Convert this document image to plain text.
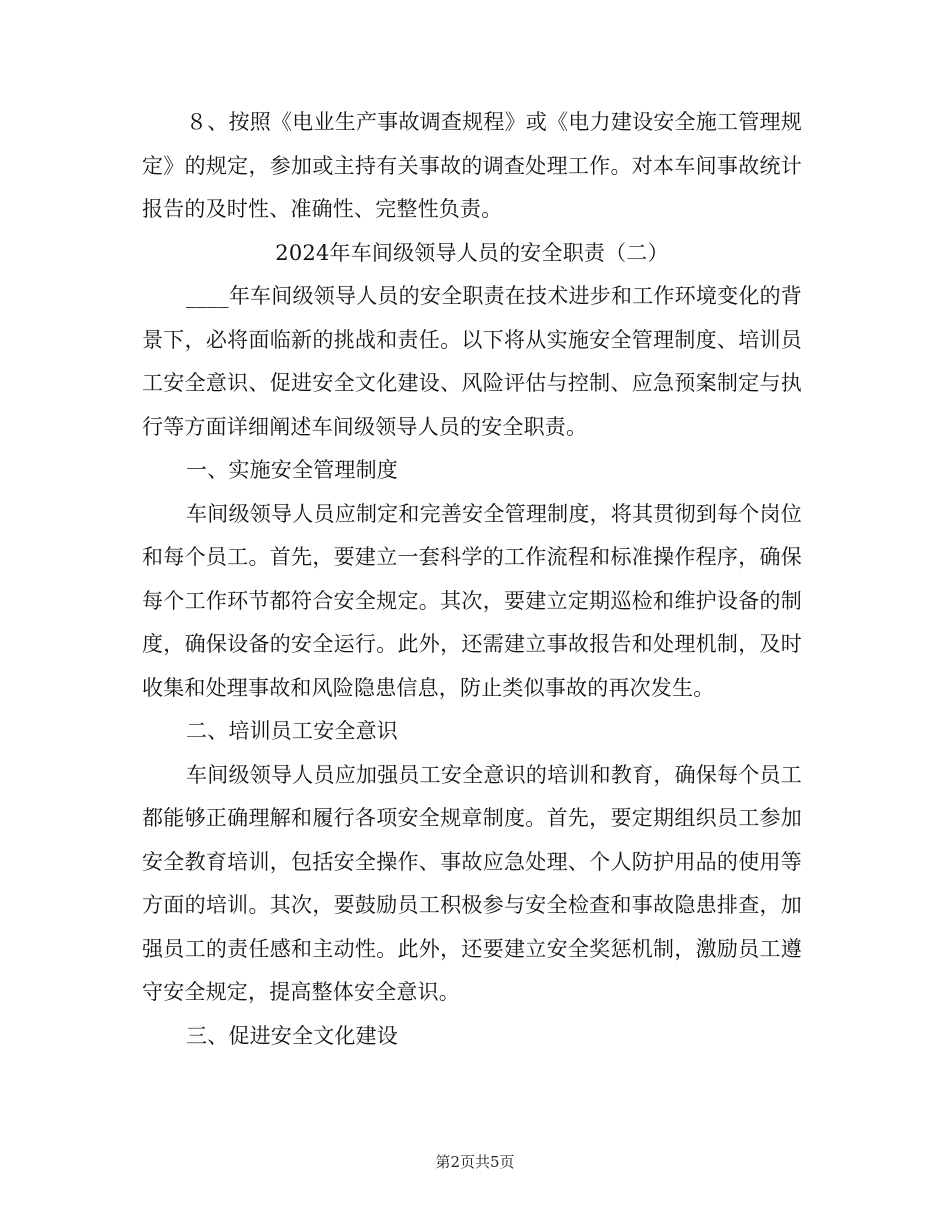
８、按照《电业生产事故调查规程》或《电力建设安全施工管理规定》的规定，参加或主持有关事故的调查处理工作。对本车间事故统计报告的及时性、准确性、完整性负责。

2024年车间级领导人员的安全职责（二）

____年车间级领导人员的安全职责在技术进步和工作环境变化的背景下，必将面临新的挑战和责任。以下将从实施安全管理制度、培训员工安全意识、促进安全文化建设、风险评估与控制、应急预案制定与执行等方面详细阐述车间级领导人员的安全职责。

一、实施安全管理制度

车间级领导人员应制定和完善安全管理制度，将其贯彻到每个岗位和每个员工。首先，要建立一套科学的工作流程和标准操作程序，确保每个工作环节都符合安全规定。其次，要建立定期巡检和维护设备的制度，确保设备的安全运行。此外，还需建立事故报告和处理机制，及时收集和处理事故和风险隐患信息，防止类似事故的再次发生。

二、培训员工安全意识

车间级领导人员应加强员工安全意识的培训和教育，确保每个员工都能够正确理解和履行各项安全规章制度。首先，要定期组织员工参加安全教育培训，包括安全操作、事故应急处理、个人防护用品的使用等方面的培训。其次，要鼓励员工积极参与安全检查和事故隐患排查，加强员工的责任感和主动性。此外，还要建立安全奖惩机制，激励员工遵守安全规定，提高整体安全意识。

三、促进安全文化建设

第2页共5页
